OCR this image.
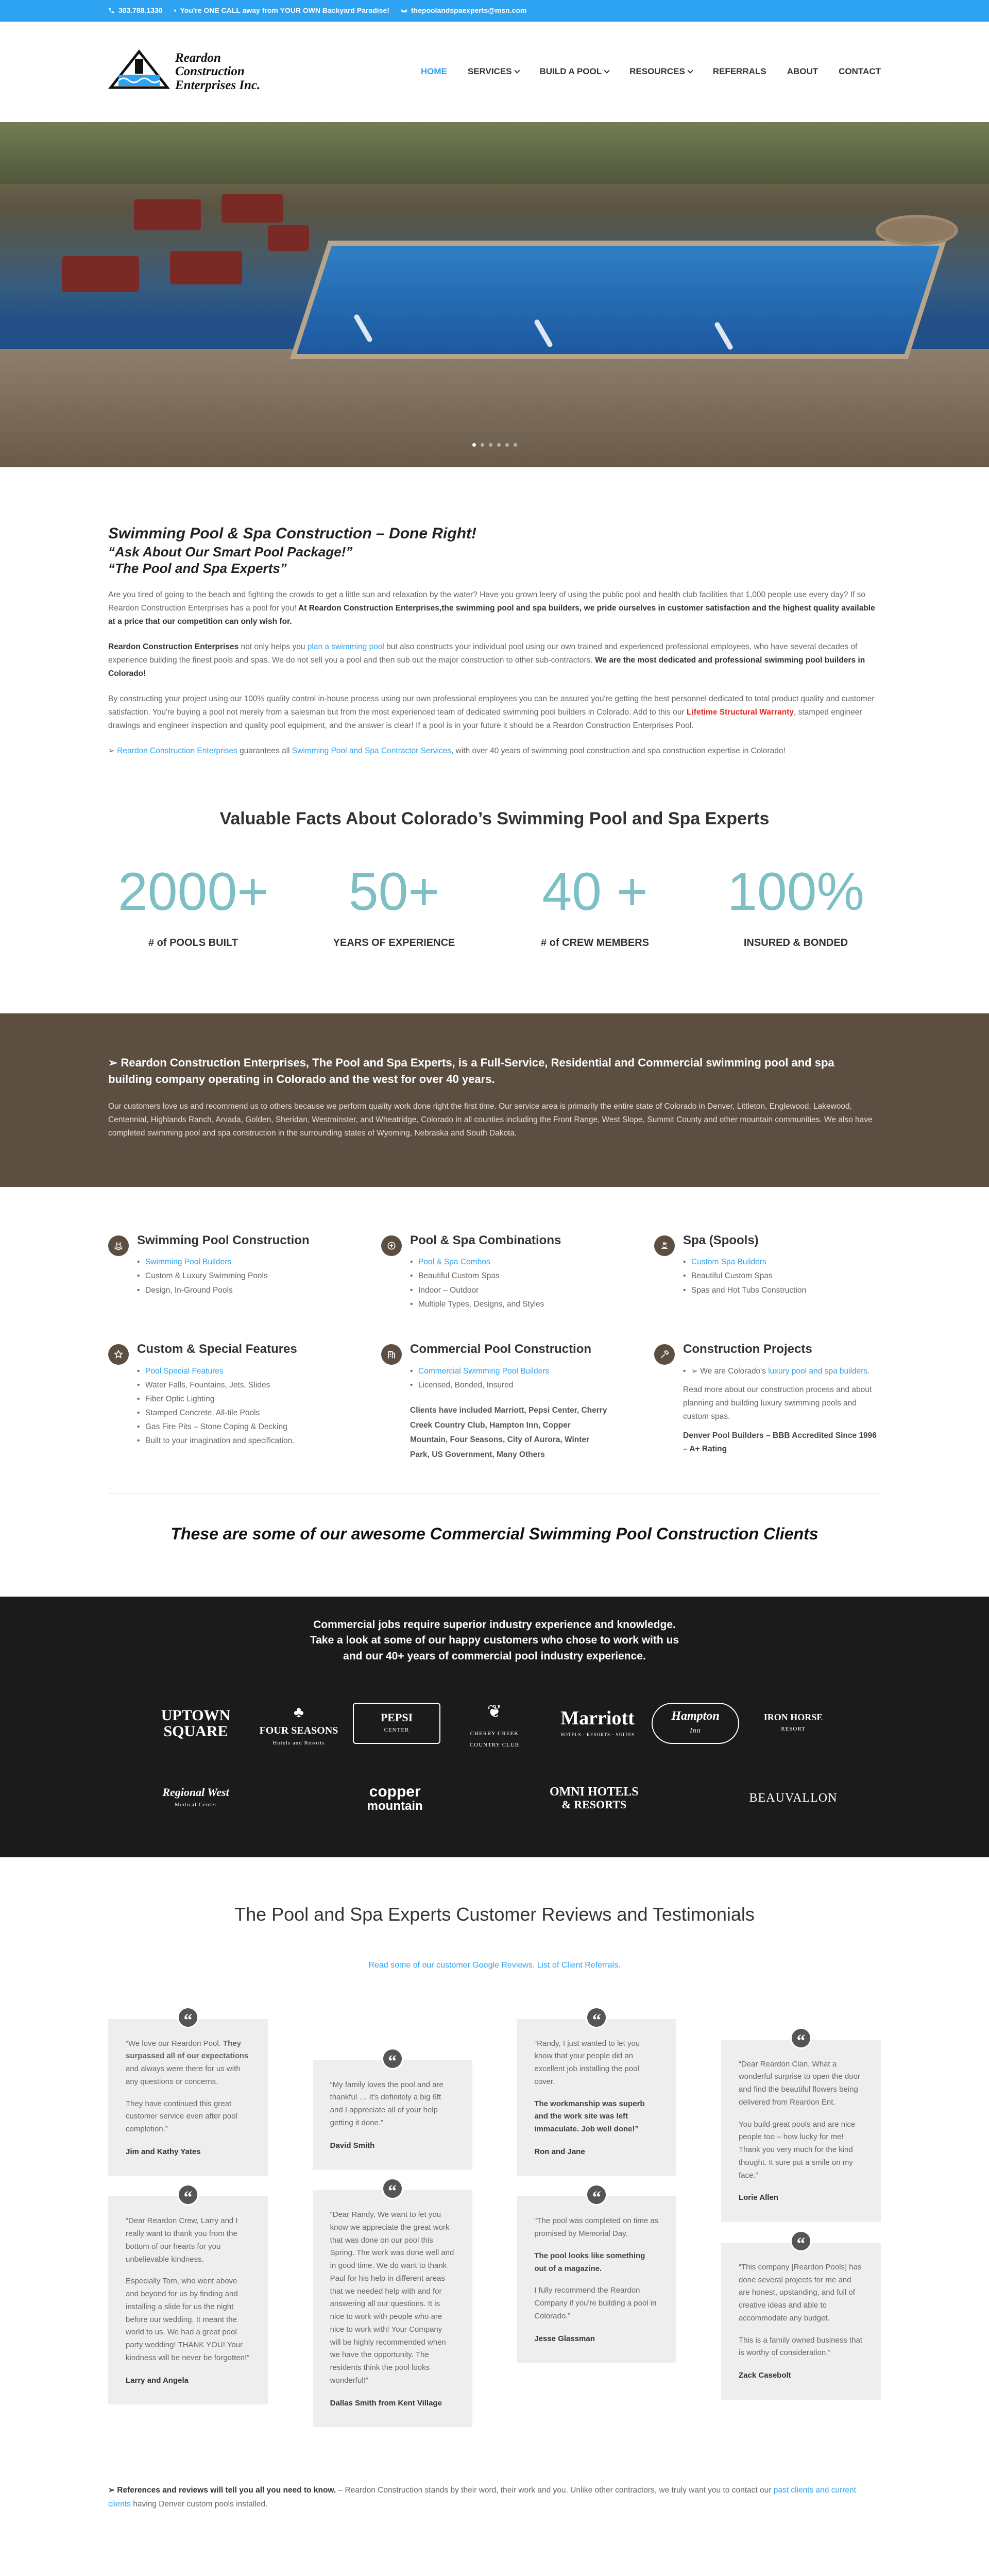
303.788.1330 • You're ONE CALL away from YOUR OWN Backyard Paradise!	thepoolandspaexperts@msn.com
Reardon
Construction
Enterprises Inc.
HOME SERVICES	BUILD A POOL	RESOURCES	REFERRALS ABOUT CONTACT
Swimming Pool & Spa Construction – Done Right!
“Ask About Our Smart Pool Package!”
“The Pool and Spa Experts”

Are you tired of going to the beach and fighting the crowds to get a little sun and relaxation by the water? Have you grown leery of using the public pool and health club facilities that 1,000 people use every day? If so Reardon Construction Enterprises has a pool for you! At Reardon Construction Enterprises,the swimming pool and spa builders, we pride ourselves in customer satisfaction and the highest quality available at a price that our competition can only wish for.

Reardon Construction Enterprises not only helps you plan a swimming pool but also constructs your individual pool using our own trained and experienced professional employees, who have several decades of experience building the finest pools and spas. We do not sell you a pool and then sub out the major construction to other sub-contractors. We are the most dedicated and professional swimming pool builders in Colorado!

By constructing your project using our 100% quality control in-house process using our own professional employees you can be assured you're getting the best personnel dedicated to total product quality and customer satisfaction. You're buying a pool not merely from a salesman but from the most experienced team of dedicated swimming pool builders in Colorado. Add to this our Lifetime Structural Warranty, stamped engineer drawings and engineer inspection and quality pool equipment, and the answer is clear! If a pool is in your future it should be a Reardon Construction Enterprises Pool.

➢ Reardon Construction Enterprises guarantees all Swimming Pool and Spa Contractor Services, with over 40 years of swimming pool construction and spa construction expertise in Colorado!

Valuable Facts About Colorado’s Swimming Pool and Spa Experts
2000+
# of POOLS BUILT
50+
YEARS OF EXPERIENCE
40 +
# of CREW MEMBERS
100%
INSURED & BONDED
➢ Reardon Construction Enterprises, The Pool and Spa Experts, is a Full-Service, Residential and Commercial swimming pool and spa building company operating in Colorado and the west for over 40 years.

Our customers love us and recommend us to others because we perform quality work done right the first time. Our service area is primarily the entire state of Colorado in Denver, Littleton, Englewood, Lakewood, Centennial, Highlands Ranch, Arvada, Golden, Sheridan, Westminster, and Wheatridge, Colorado in all counties including the Front Range, West Slope, Summit County and other mountain communities. We also have completed swimming pool and spa construction in the surrounding states of Wyoming, Nebraska and South Dakota.

Swimming Pool Construction
• Swimming Pool Builders
• Custom & Luxury Swimming Pools
• Design, In-Ground Pools
Pool & Spa Combinations
• Pool & Spa Combos
• Beautiful Custom Spas
• Indoor – Outdoor
• Multiple Types, Designs, and Styles
Spa (Spools)
• Custom Spa Builders
• Beautiful Custom Spas
• Spas and Hot Tubs Construction
Custom & Special Features
• Pool Special Features
• Water Falls, Fountains, Jets, Slides
• Fiber Optic Lighting
• Stamped Concrete, All-tile Pools
• Gas Fire Pits – Stone Coping & Decking
• Built to your imagination and specification.
Commercial Pool Construction
• Commercial Swimming Pool Builders
• Licensed, Bonded, Insured
Clients have included Marriott, Pepsi Center, Cherry Creek Country Club, Hampton Inn, Copper Mountain, Four Seasons, City of Aurora, Winter Park, US Government, Many Others
Construction Projects
• ➢ We are Colorado's luxury pool and spa builders.
Read more about our construction process and about planning and building luxury swimming pools and custom spas.
Denver Pool Builders – BBB Accredited Since 1996 – A+ Rating
These are some of our awesome Commercial Swimming Pool Construction Clients
Commercial jobs require superior industry experience and knowledge.
Take a look at some of our happy customers who chose to work with us
and our 40+ years of commercial pool industry experience.
UPTOWN
SQUARE
♣
FOUR SEASONS
Hotels and Resorts
PEPSI
CENTER
❦
CHERRY CREEK
COUNTRY CLUB
Marriott
HOTELS · RESORTS · SUITES
Hampton
Inn
IRON HORSE
RESORT
Regional West
Medical Center
copper
mountain
OMNI HOTELS
& RESORTS
BEAUVALLON
The Pool and Spa Experts Customer Reviews and Testimonials
Read some of our customer Google Reviews. List of Client Referrals.
“

“We love our Reardon Pool. They surpassed all of our expectations and always were there for us with any questions or concerns.

They have continued this great customer service even after pool completion.”

Jim and Kathy Yates
“

“Dear Reardon Crew, Larry and I really want to thank you from the bottom of our hearts for you unbelievable kindness.

Especially Tom, who went above and beyond for us by finding and installing a slide for us the night before our wedding. It meant the world to us. We had a great pool party wedding! THANK YOU! Your kindness will be never be forgotten!”

Larry and Angela
“

“My family loves the pool and are thankful … It's definitely a big 6ft and I appreciate all of your help getting it done.”

David Smith
“

“Dear Randy, We want to let you know we appreciate the great work that was done on our pool this Spring. The work was done well and in good time. We do want to thank Paul for his help in different areas that we needed help with and for answering all our questions. It is nice to work with people who are nice to work with! Your Company will be highly recommended when we have the opportunity. The residents think the pool looks wonderful!”

Dallas Smith from Kent Village
“

“Randy, I just wanted to let you know that your people did an excellent job installing the pool cover.

The workmanship was superb and the work site was left immaculate. Job well done!”

Ron and Jane
“

“The pool was completed on time as promised by Memorial Day.

The pool looks like something out of a magazine.

I fully recommend the Reardon Company if you're building a pool in Colorado.”

Jesse Glassman
“

“Dear Reardon Clan, What a wonderful surprise to open the door and find the beautiful flowers being delivered from Reardon Ent.

You build great pools and are nice people too – how lucky for me! Thank you very much for the kind thought. It sure put a smile on my face.”

Lorie Allen
“

“This company [Reardon Pools] has done several projects for me and are honest, upstanding, and full of creative ideas and able to accommodate any budget.

This is a family owned business that is worthy of consideration.”

Zack Casebolt

➢ References and reviews will tell you all you need to know. – Reardon Construction stands by their word, their work and you. Unlike other contractors, we truly want you to contact our past clients and current clients having Denver custom pools installed.
